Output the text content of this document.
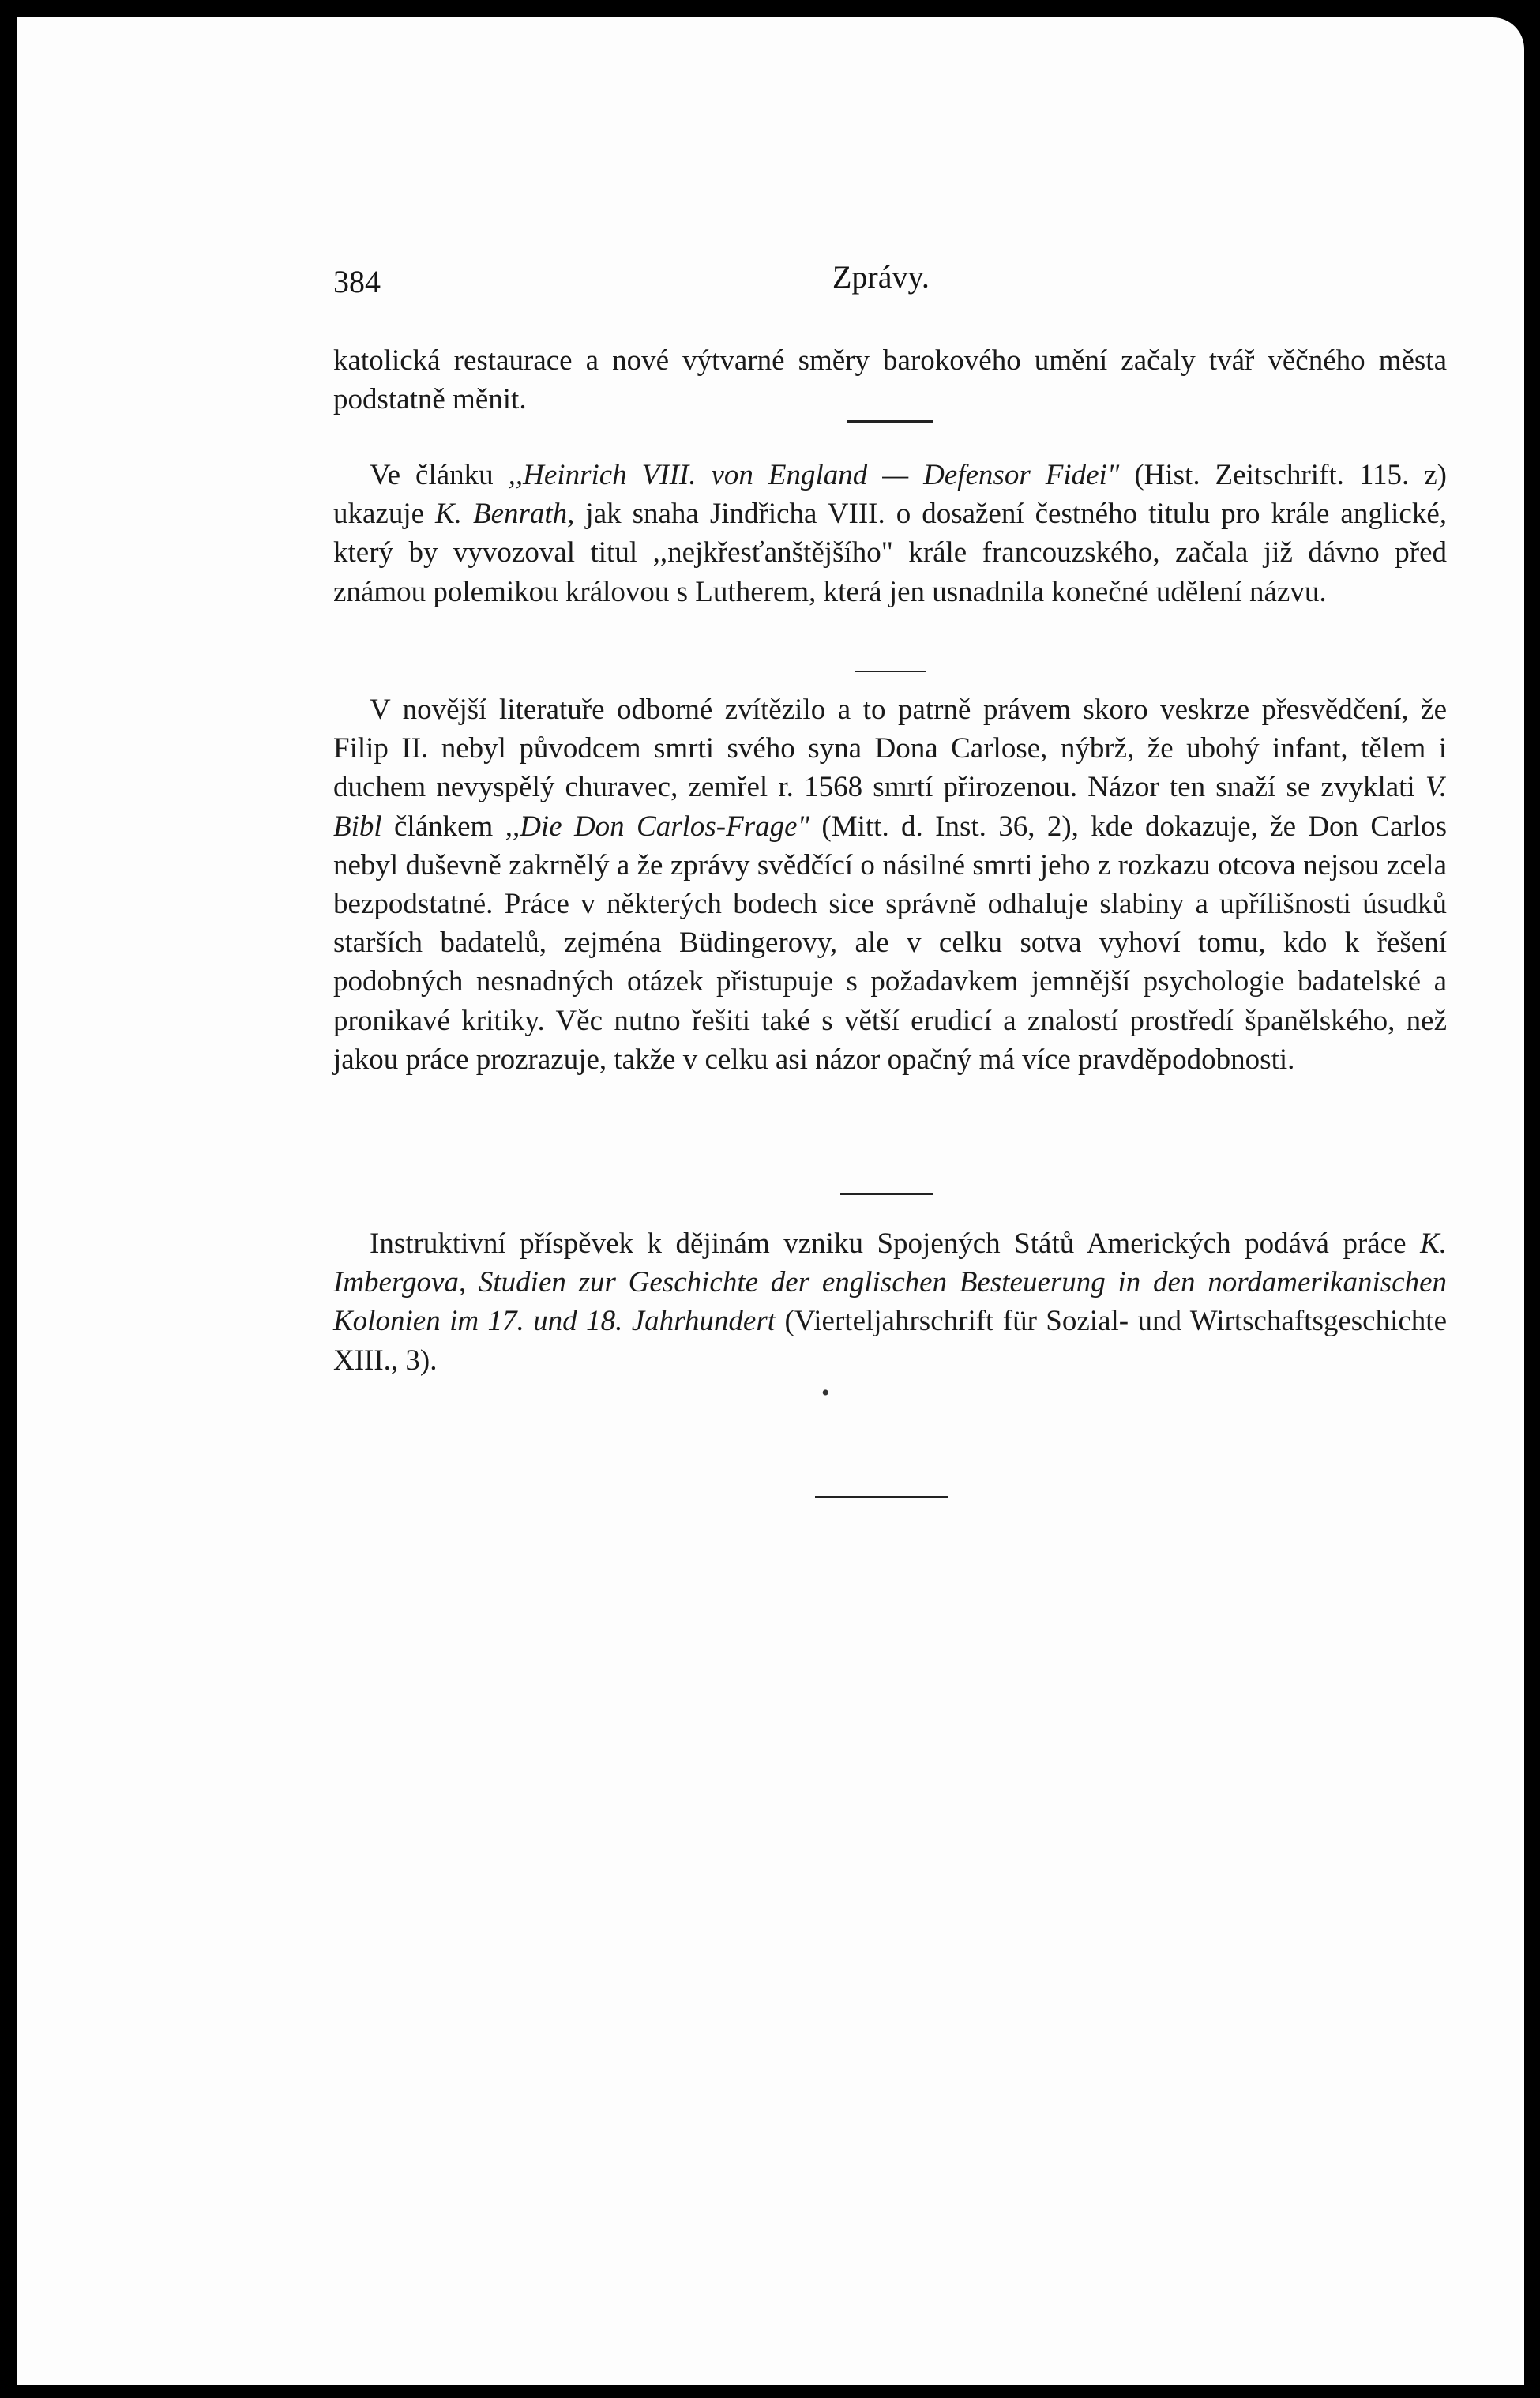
384	Zprávy.

katolická restaurace a nové výtvarné směry barokového umění začaly tvář věčného města podstatně měnit.

Ve článku ,,Heinrich VIII. von England — Defensor Fidei" (Hist. Zeitschrift. 115. z) ukazuje K. Benrath, jak snaha Jindřicha VIII. o dosažení čestného titulu pro krále anglické, který by vyvozoval titul ,,nejkřesťanštějšího" krále francouzského, začala již dávno před známou polemikou královou s Lutherem, která jen usnadnila konečné udělení názvu.

V novější literatuře odborné zvítězilo a to patrně právem skoro veskrze přesvědčení, že Filip II. nebyl původcem smrti svého syna Dona Carlose, nýbrž, že ubohý infant, tělem i duchem nevyspělý churavec, zemřel r. 1568 smrtí přirozenou. Názor ten snaží se zvyklati V. Bibl článkem ,,Die Don Carlos-Frage" (Mitt. d. Inst. 36, 2), kde dokazuje, že Don Carlos nebyl duševně zakrnělý a že zprávy svědčící o násilné smrti jeho z rozkazu otcova nejsou zcela bezpodstatné. Práce v některých bodech sice správně odhaluje slabiny a upřílišnosti úsudků starších badatelů, zejména Büdingerovy, ale v celku sotva vyhoví tomu, kdo k řešení podobných nesnadných otázek přistupuje s požadavkem jemnější psychologie badatelské a pronikavé kritiky. Věc nutno řešiti také s větší erudicí a znalostí prostředí španělského, než jakou práce prozrazuje, takže v celku asi názor opačný má více pravděpodobnosti.

Instruktivní příspěvek k dějinám vzniku Spojených Států Amerických podává práce K. Imbergova, Studien zur Geschichte der englischen Besteuerung in den nordamerikanischen Kolonien im 17. und 18. Jahrhundert (Vierteljahrschrift für Sozial- und Wirtschaftsgeschichte XIII., 3).

•
